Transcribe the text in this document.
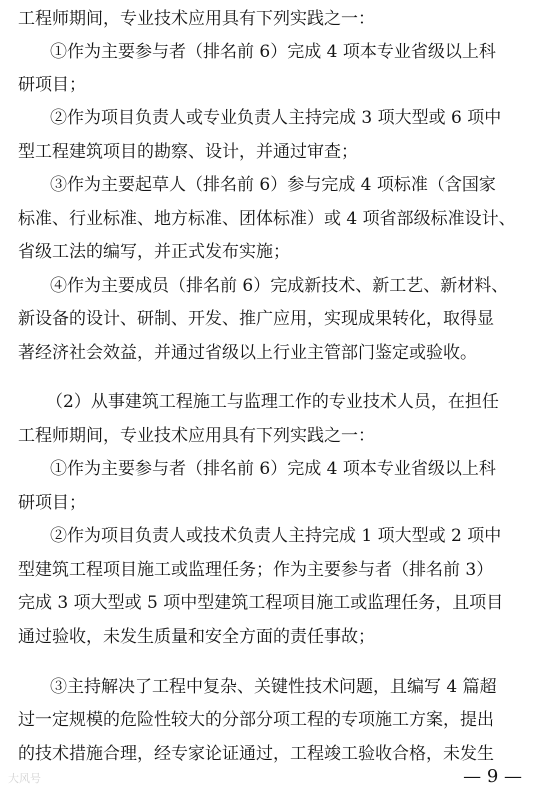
工程师期间，专业技术应用具有下列实践之一：
①作为主要参与者（排名前 6）完成 4 项本专业省级以上科
研项目；
②作为项目负责人或专业负责人主持完成 3 项大型或 6 项中
型工程建筑项目的勘察、设计，并通过审查；
③作为主要起草人（排名前 6）参与完成 4 项标准（含国家
标准、行业标准、地方标准、团体标准）或 4 项省部级标准设计、
省级工法的编写，并正式发布实施；
④作为主要成员（排名前 6）完成新技术、新工艺、新材料、
新设备的设计、研制、开发、推广应用，实现成果转化，取得显
著经济社会效益，并通过省级以上行业主管部门鉴定或验收。
（2）从事建筑工程施工与监理工作的专业技术人员，在担任
工程师期间，专业技术应用具有下列实践之一：
①作为主要参与者（排名前 6）完成 4 项本专业省级以上科
研项目；
②作为项目负责人或技术负责人主持完成 1 项大型或 2 项中
型建筑工程项目施工或监理任务；作为主要参与者（排名前 3）
完成 3 项大型或 5 项中型建筑工程项目施工或监理任务，且项目
通过验收，未发生质量和安全方面的责任事故；
③主持解决了工程中复杂、关键性技术问题，且编写 4 篇超
过一定规模的危险性较大的分部分项工程的专项施工方案，提出
的技术措施合理，经专家论证通过，工程竣工验收合格，未发生
大风号	— 9 —
